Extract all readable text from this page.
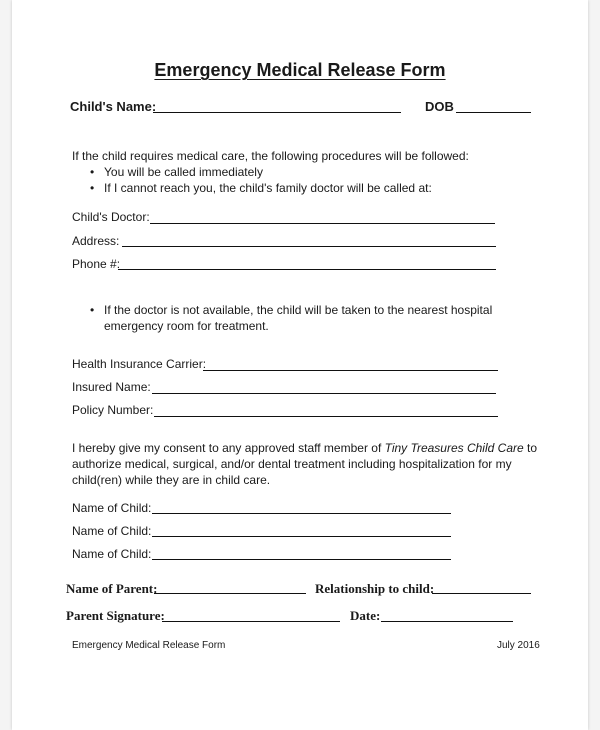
Emergency Medical Release Form
Child's Name:	DOB
If the child requires medical care, the following procedures will be followed:
• You will be called immediately
• If I cannot reach you, the child's family doctor will be called at:
Child's Doctor:
Address:
Phone #:
• If the doctor is not available, the child will be taken to the nearest hospital
emergency room for treatment.
Health Insurance Carrier:
Insured Name:
Policy Number:
I hereby give my consent to any approved staff member of Tiny Treasures Child Care to
authorize medical, surgical, and/or dental treatment including hospitalization for my
child(ren) while they are in child care.
Name of Child:
Name of Child:
Name of Child:
Name of Parent:	Relationship to child:
Parent Signature:	Date:
Emergency Medical Release Form	July 2016
